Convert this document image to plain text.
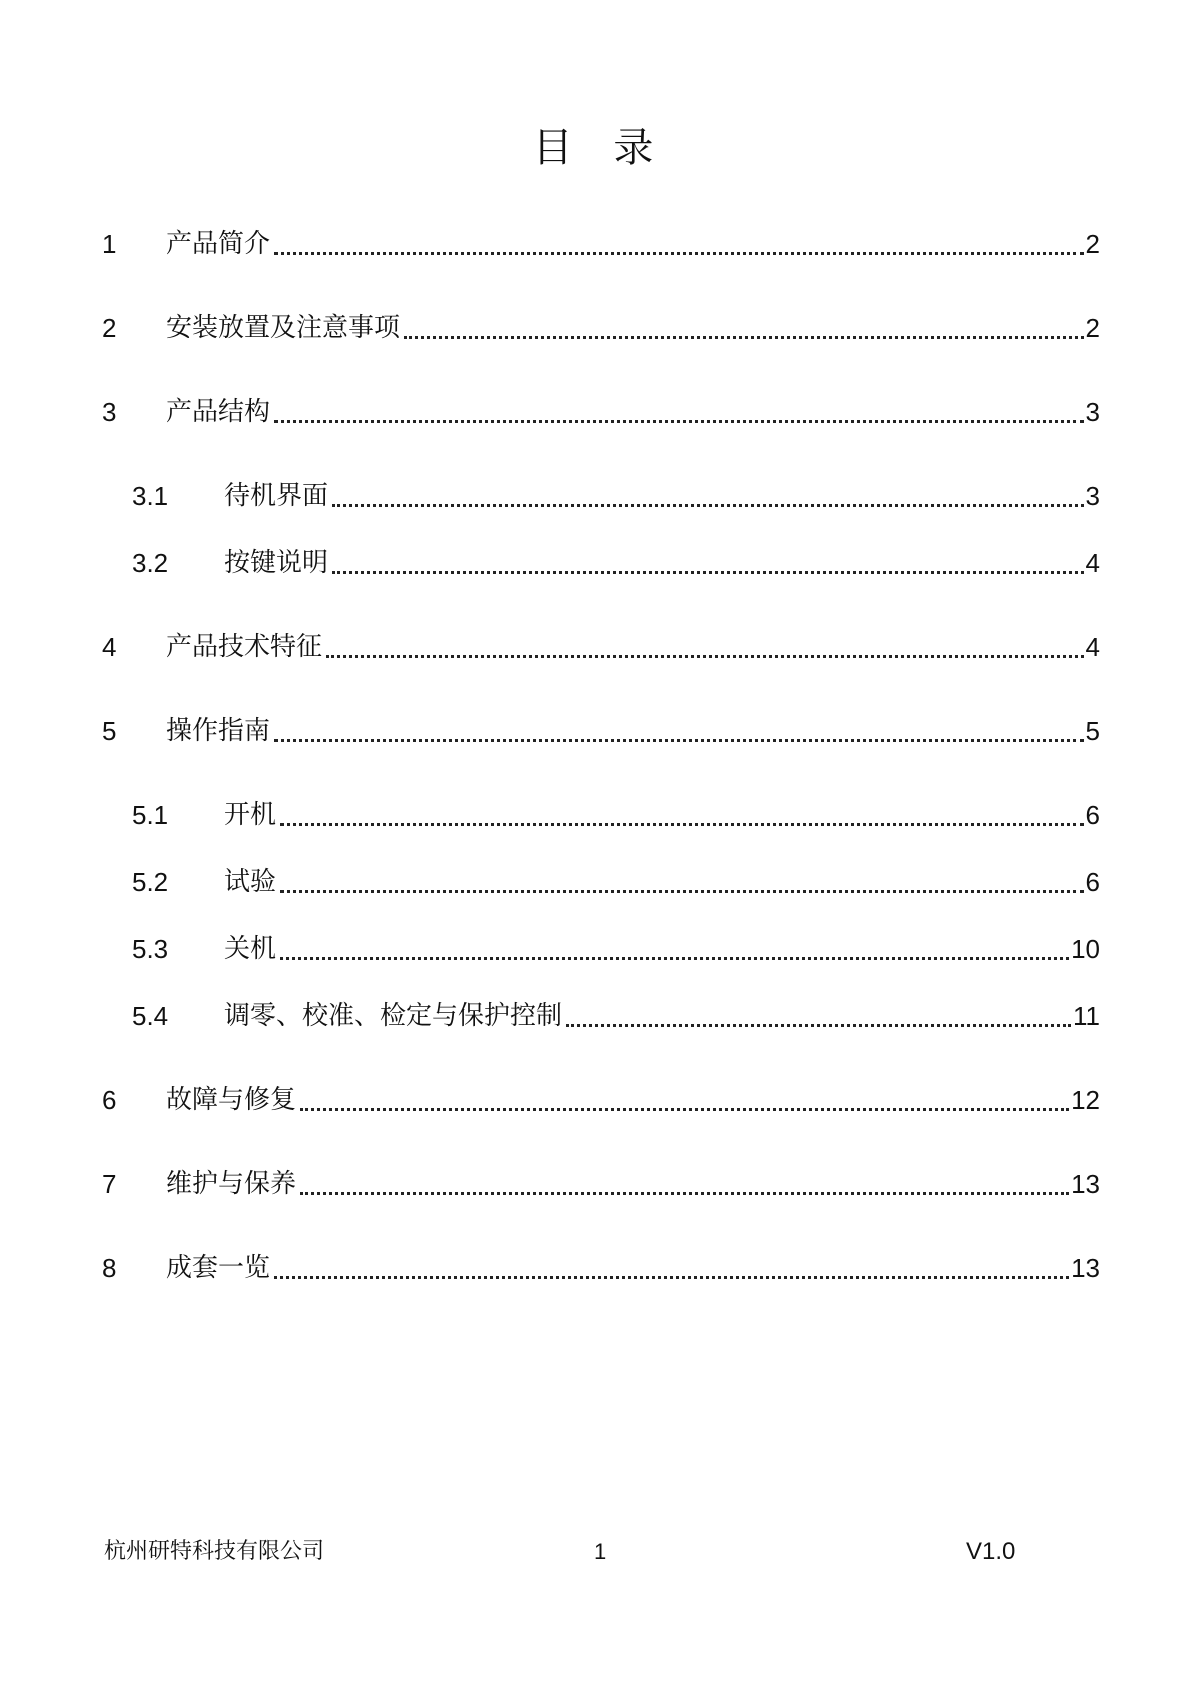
目 录
1	产品简介	2
2	安装放置及注意事项	2
3	产品结构	3
3.1	待机界面	3
3.2	按键说明	4
4	产品技术特征	4
5	操作指南	5
5.1	开机	6
5.2	试验	6
5.3	关机	10
5.4	调零、校准、检定与保护控制	11
6	故障与修复	12
7	维护与保养	13
8	成套一览	13
杭州研特科技有限公司	1	V1.0
